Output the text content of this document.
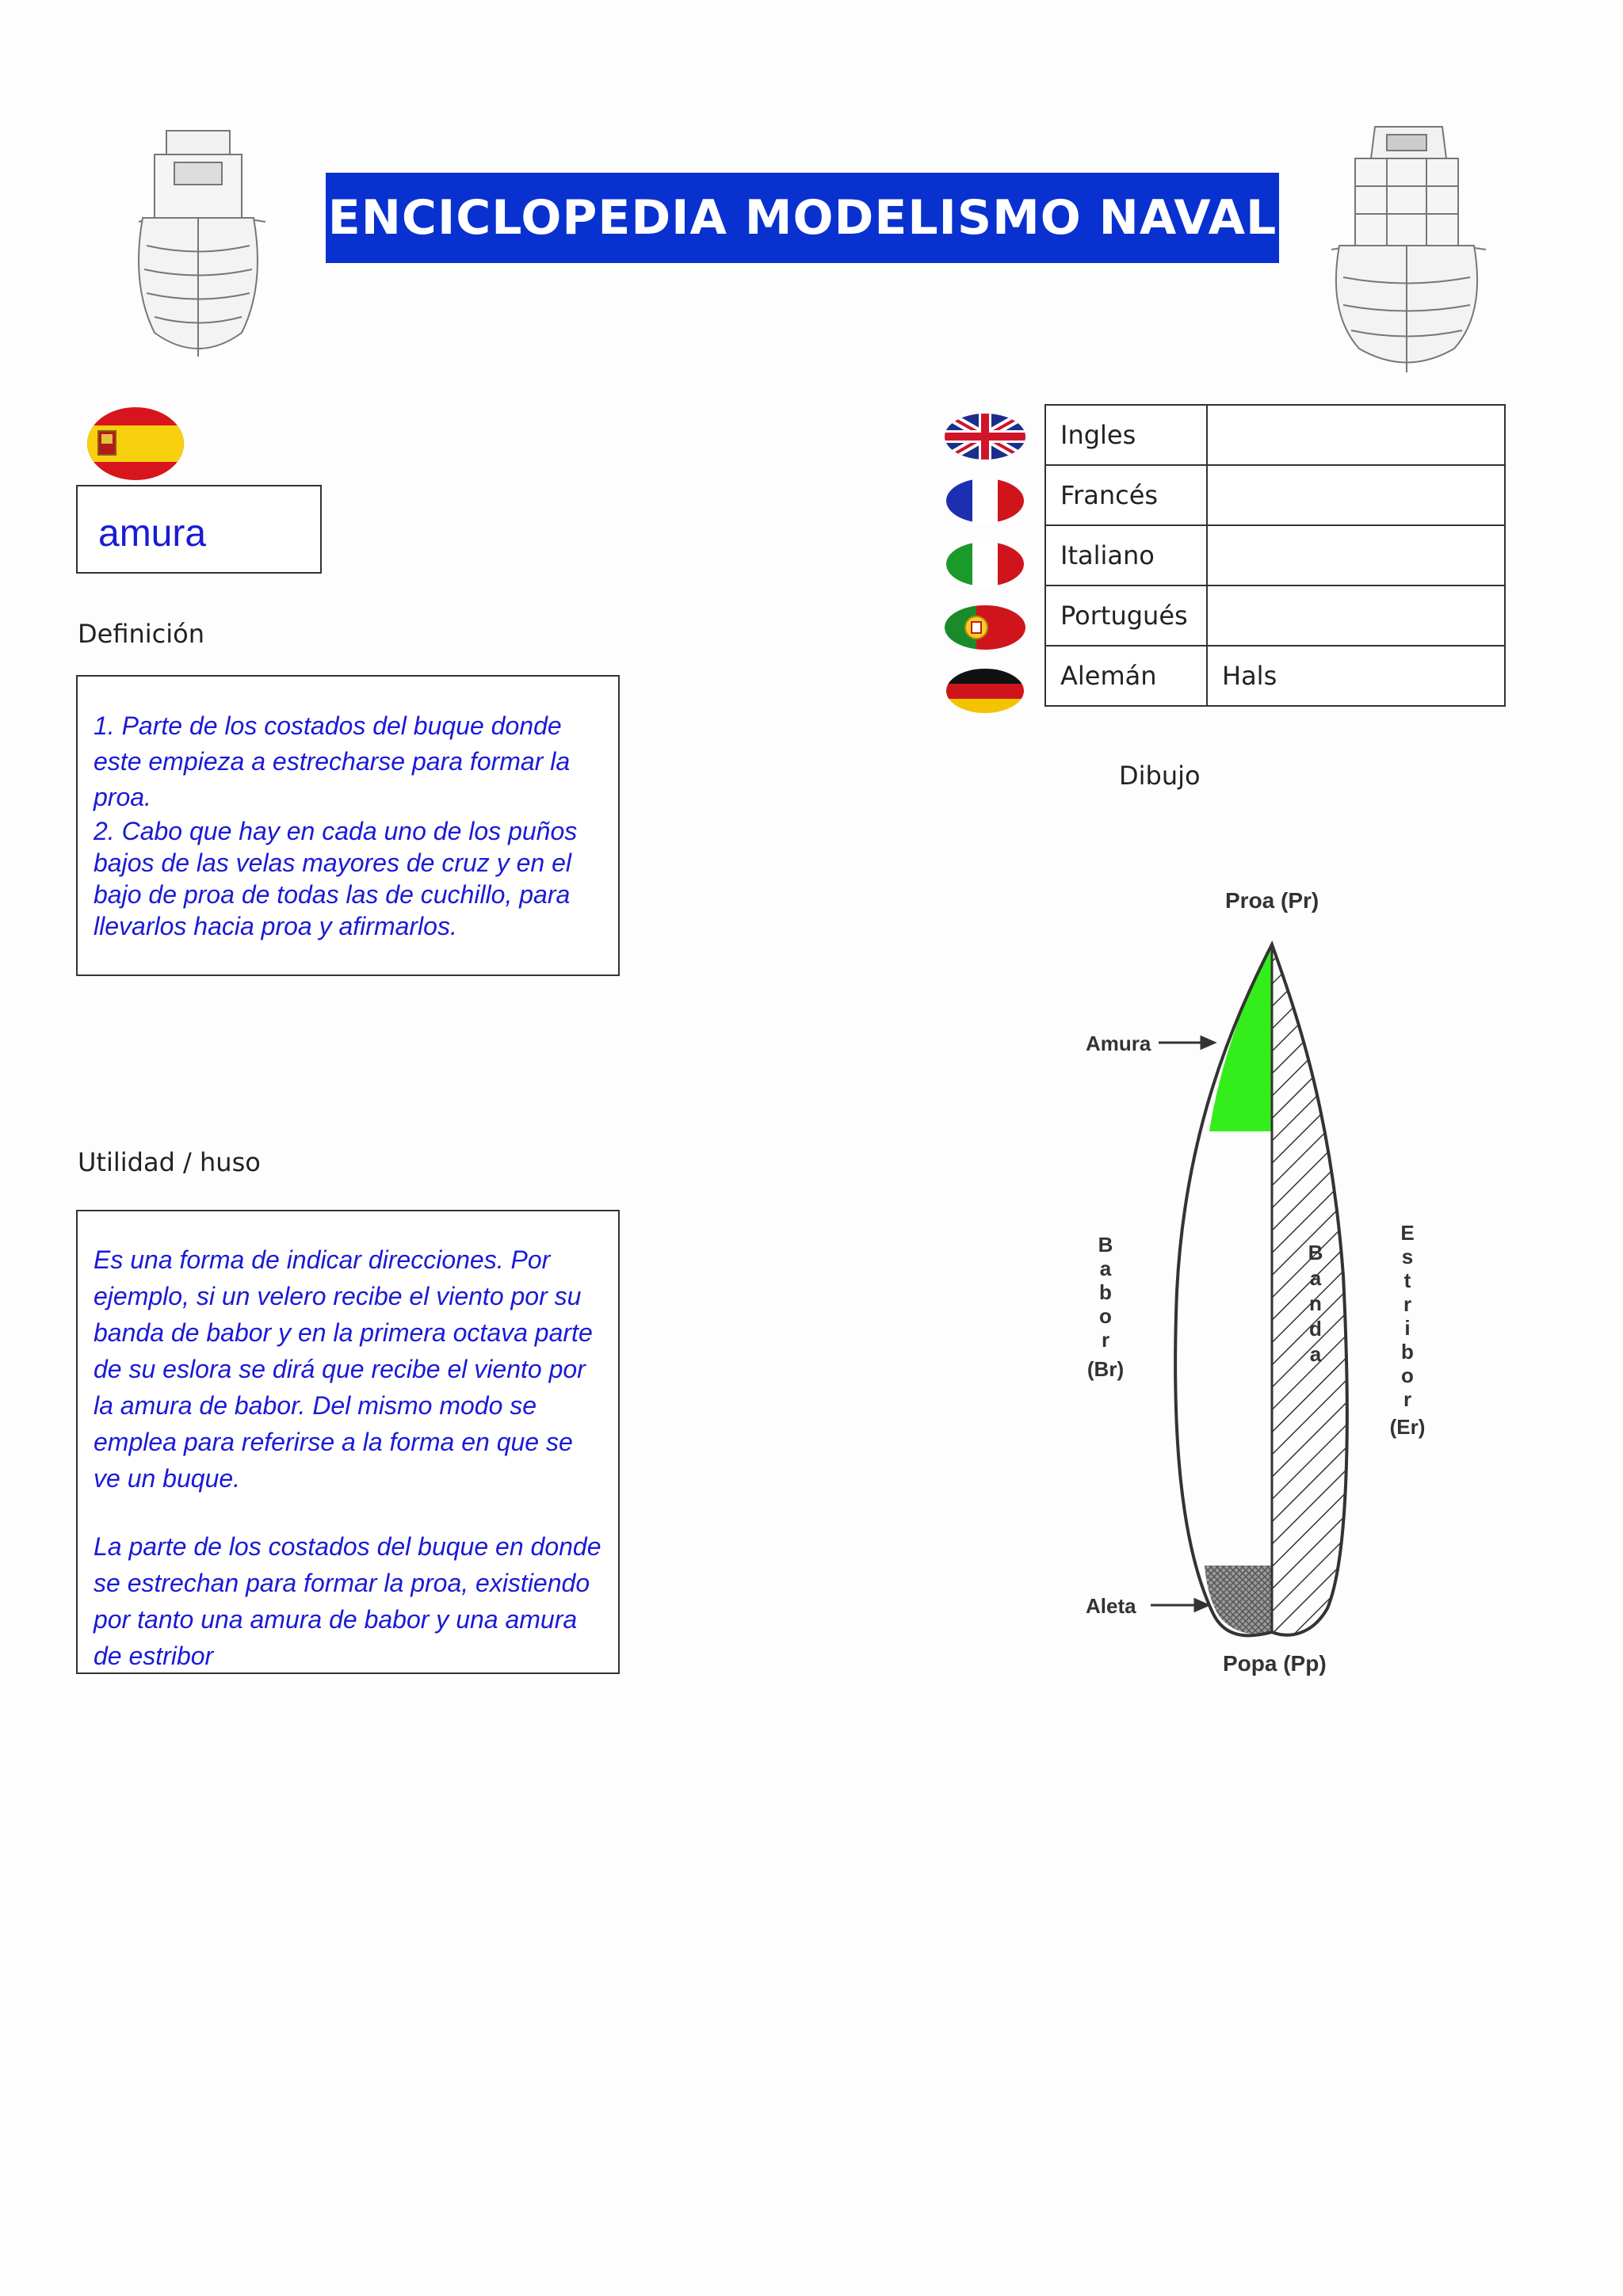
ENCICLOPEDIA MODELISMO NAVAL
amura
Definición

1. Parte de los costados del buque donde este empieza a estrecharse para formar la proa.

2. Cabo que hay en cada uno de los puños bajos de las velas mayores de cruz y en el bajo de proa de todas las de cuchillo, para llevarlos hacia proa y afirmarlos.

Utilidad / huso

Es una forma de indicar direcciones. Por ejemplo, si un velero recibe el viento por su banda de babor y en la primera octava parte de su eslora se dirá que recibe el viento por la amura de babor. Del mismo modo se emplea para referirse a la forma en que se ve un buque.

La parte de los costados del buque en donde se estrechan para formar la proa, existiendo por tanto una amura de babor y una amura de estribor

Ingles	
Francés	
Italiano	
Portugués	
Alemán	Hals
Dibujo
Proa (Pr)
Popa (Pp)
Amura
Aleta
B a b o r
(Br)
B a n d a
E s t r i b o r
(Er)
